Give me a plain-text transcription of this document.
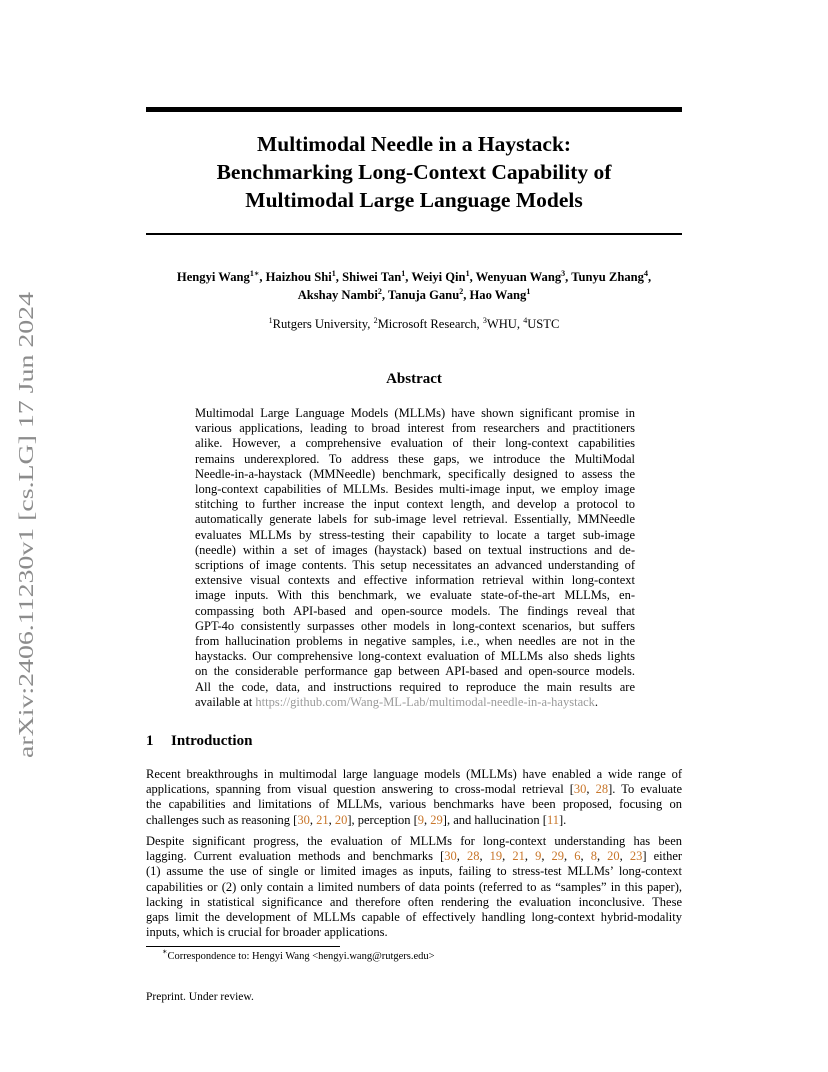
arXiv:2406.11230v1 [cs.LG] 17 Jun 2024
Multimodal Needle in a Haystack:
Benchmarking Long-Context Capability of
Multimodal Large Language Models
Hengyi Wang$^{1∗}$, Haizhou Shi$^1$, Shiwei Tan$^1$, Weiyi Qin$^1$, Wenyuan Wang$^3$, Tunyu Zhang$^4$,
Akshay Nambi$^2$, Tanuja Ganu$^2$, Hao Wang$^1$
$^1$Rutgers University, $^2$Microsoft Research, $^3$WHU, $^4$USTC
Abstract
Multimodal Large Language Models (MLLMs) have shown significant promise in
various applications, leading to broad interest from researchers and practitioners
alike. However, a comprehensive evaluation of their long-context capabilities
remains underexplored. To address these gaps, we introduce the MultiModal
Needle-in-a-haystack (MMNeedle) benchmark, specifically designed to assess the
long-context capabilities of MLLMs. Besides multi-image input, we employ image
stitching to further increase the input context length, and develop a protocol to
automatically generate labels for sub-image level retrieval. Essentially, MMNeedle
evaluates MLLMs by stress-testing their capability to locate a target sub-image
(needle) within a set of images (haystack) based on textual instructions and de-
scriptions of image contents. This setup necessitates an advanced understanding of
extensive visual contexts and effective information retrieval within long-context
image inputs. With this benchmark, we evaluate state-of-the-art MLLMs, en-
compassing both API-based and open-source models. The findings reveal that
GPT-4o consistently surpasses other models in long-context scenarios, but suffers
from hallucination problems in negative samples, i.e., when needles are not in the
haystacks. Our comprehensive long-context evaluation of MLLMs also sheds lights
on the considerable performance gap between API-based and open-source models.
All the code, data, and instructions required to reproduce the main results are
available at https://github.com/Wang-ML-Lab/multimodal-needle-in-a-haystack.
1 Introduction
Recent breakthroughs in multimodal large language models (MLLMs) have enabled a wide range of
applications, spanning from visual question answering to cross-modal retrieval [30, 28]. To evaluate
the capabilities and limitations of MLLMs, various benchmarks have been proposed, focusing on
challenges such as reasoning [30, 21, 20], perception [9, 29], and hallucination [11].
Despite significant progress, the evaluation of MLLMs for long-context understanding has been
lagging. Current evaluation methods and benchmarks [30, 28, 19, 21, 9, 29, 6, 8, 20, 23] either
(1) assume the use of single or limited images as inputs, failing to stress-test MLLMs’ long-context
capabilities or (2) only contain a limited numbers of data points (referred to as “samples” in this paper),
lacking in statistical significance and therefore often rendering the evaluation inconclusive. These
gaps limit the development of MLLMs capable of effectively handling long-context hybrid-modality
inputs, which is crucial for broader applications.
∗Correspondence to: Hengyi Wang <hengyi.wang@rutgers.edu>
Preprint. Under review.
